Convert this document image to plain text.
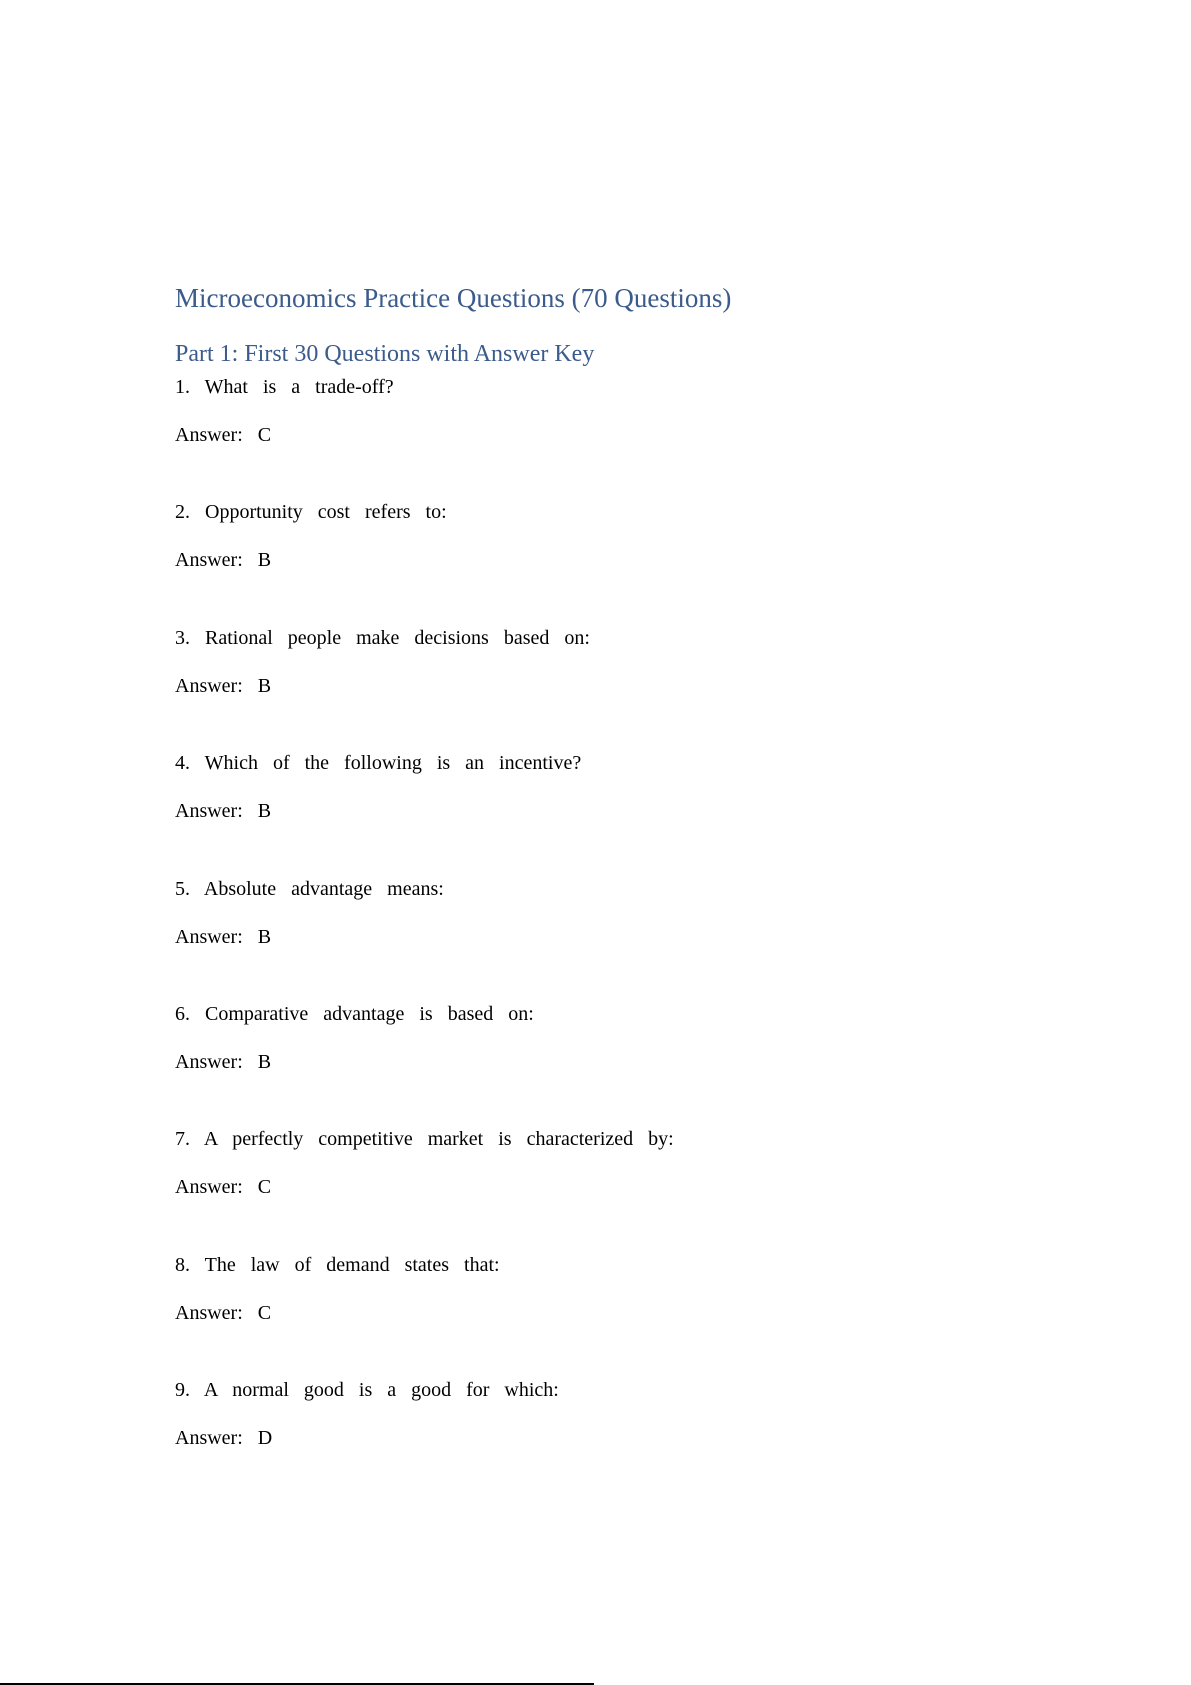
Microeconomics Practice Questions (70 Questions)
Part 1: First 30 Questions with Answer Key

1. What is a trade-off?

Answer: C

2. Opportunity cost refers to:

Answer: B

3. Rational people make decisions based on:

Answer: B

4. Which of the following is an incentive?

Answer: B

5. Absolute advantage means:

Answer: B

6. Comparative advantage is based on:

Answer: B

7. A perfectly competitive market is characterized by:

Answer: C

8. The law of demand states that:

Answer: C

9. A normal good is a good for which:

Answer: D
